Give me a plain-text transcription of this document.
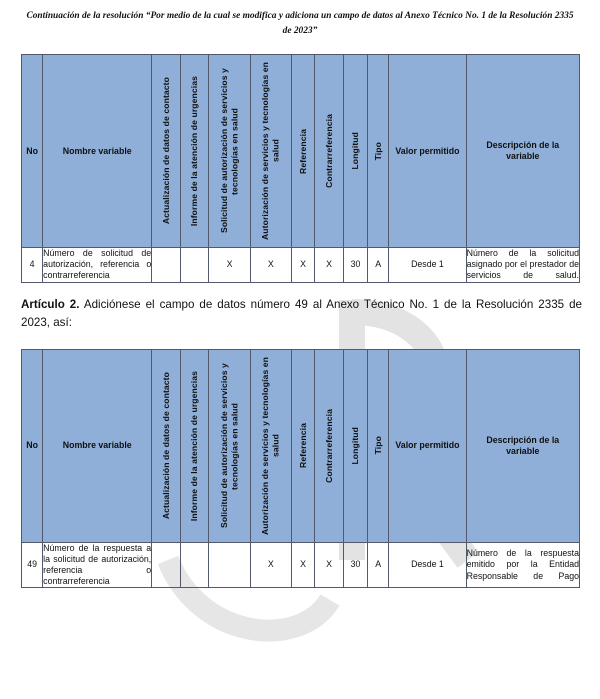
Continuación de la resolución “Por medio de la cual se modifica y adiciona un campo de datos al Anexo Técnico No. 1 de la Resolución 2335 de 2023”

No	Nombre variable	Actualización de datos de contacto	Informe de la atención de urgencias	Solicitud de autorización de servicios y tecnologías en salud	Autorización de servicios y tecnologías en salud	Referencia	Contrarreferencia	Longitud	Tipo	Valor permitido	Descripción de la variable

4	Número de solicitud de autorización, referencia o contrarreferencia			X	X	X	X	30	A	Desde 1	Número de la solicitud asignado por el prestador de servicios de salud.

Artículo 2. Adiciónese el campo de datos número 49 al Anexo Técnico No. 1 de la Resolución 2335 de 2023, así:

No	Nombre variable	Actualización de datos de contacto	Informe de la atención de urgencias	Solicitud de autorización de servicios y tecnologías en salud	Autorización de servicios y tecnologías en salud	Referencia	Contrarreferencia	Longitud	Tipo	Valor permitido	Descripción de la variable

49	Número de la respuesta a la solicitud de autorización, referencia o contrarreferencia				X	X	X	30	A	Desde 1	Número de la respuesta emitido por la Entidad Responsable de Pago
